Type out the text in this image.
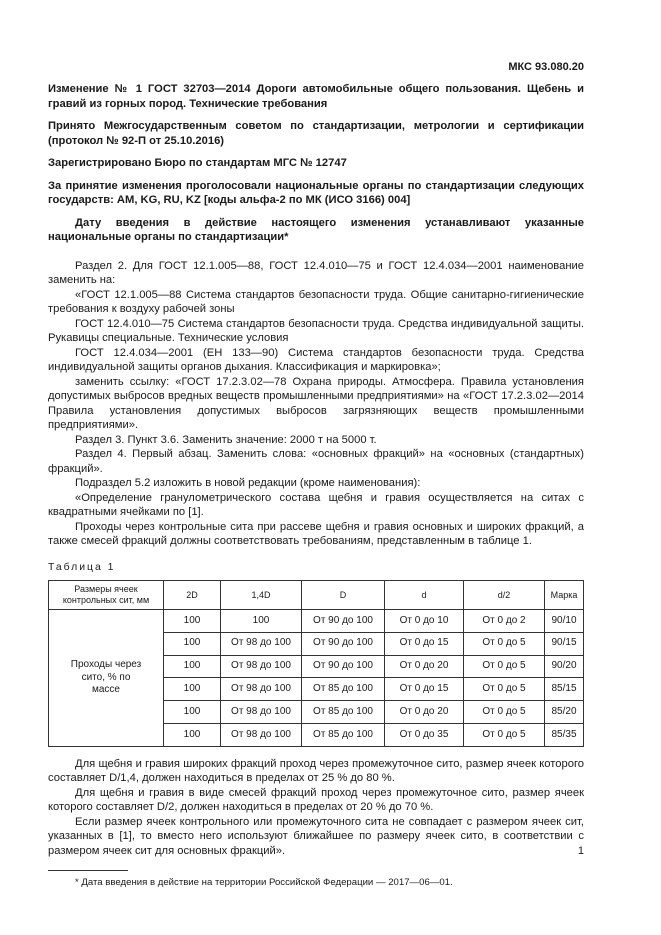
МКС 93.080.20

Изменение № 1 ГОСТ 32703—2014 Дороги автомобильные общего пользования. Щебень и гравий из горных пород. Технические требования

Принято Межгосударственным советом по стандартизации, метрологии и сертификации (протокол № 92-П от 25.10.2016)

Зарегистрировано Бюро по стандартам МГС № 12747

За принятие изменения проголосовали национальные органы по стандартизации следующих государств: AM, KG, RU, KZ [коды альфа-2 по МК (ИСО 3166) 004]

Дату введения в действие настоящего изменения устанавливают указанные национальные органы по стандартизации*

Раздел 2. Для ГОСТ 12.1.005—88, ГОСТ 12.4.010—75 и ГОСТ 12.4.034—2001 наименование заменить на:

«ГОСТ 12.1.005—88 Система стандартов безопасности труда. Общие санитарно-гигиенические требования к воздуху рабочей зоны

ГОСТ 12.4.010—75 Система стандартов безопасности труда. Средства индивидуальной защиты. Рукавицы специальные. Технические условия

ГОСТ 12.4.034—2001 (ЕН 133—90) Система стандартов безопасности труда. Средства индивидуальной защиты органов дыхания. Классификация и маркировка»;

заменить ссылку: «ГОСТ 17.2.3.02—78 Охрана природы. Атмосфера. Правила установления допустимых выбросов вредных веществ промышленными предприятиями» на «ГОСТ 17.2.3.02—2014 Правила установления допустимых выбросов загрязняющих веществ промышленными предприятиями».

Раздел 3. Пункт 3.6. Заменить значение: 2000 т на 5000 т.

Раздел 4. Первый абзац. Заменить слова: «основных фракций» на «основных (стандартных) фракций».

Подраздел 5.2 изложить в новой редакции (кроме наименования):

«Определение гранулометрического состава щебня и гравия осуществляется на ситах с квадратными ячейками по [1].

Проходы через контрольные сита при рассеве щебня и гравия основных и широких фракций, а также смесей фракций должны соответствовать требованиям, представленным в таблице 1.

Таблица 1
Размеры ячеек контрольных сит, мм	2D	1,4D	D	d	d/2	Марка
Проходы через сито, % по массе	100	100	От 90 до 100	От 0 до 10	От 0 до 2	90/10
	100	От 98 до 100	От 90 до 100	От 0 до 15	От 0 до 5	90/15
	100	От 98 до 100	От 90 до 100	От 0 до 20	От 0 до 5	90/20
	100	От 98 до 100	От 85 до 100	От 0 до 15	От 0 до 5	85/15
	100	От 98 до 100	От 85 до 100	От 0 до 20	От 0 до 5	85/20
	100	От 98 до 100	От 85 до 100	От 0 до 35	От 0 до 5	85/35

Для щебня и гравия широких фракций проход через промежуточное сито, размер ячеек которого составляет D/1,4, должен находиться в пределах от 25 % до 80 %.

Для щебня и гравия в виде смесей фракций проход через промежуточное сито, размер ячеек которого составляет D/2, должен находиться в пределах от 20 % до 70 %.

Если размер ячеек контрольного или промежуточного сита не совпадает с размером ячеек сит, указанных в [1], то вместо него используют ближайшее по размеру ячеек сито, в соответствии с размером ячеек сит для основных фракций».

* Дата введения в действие на территории Российской Федерации — 2017—06—01.

1
